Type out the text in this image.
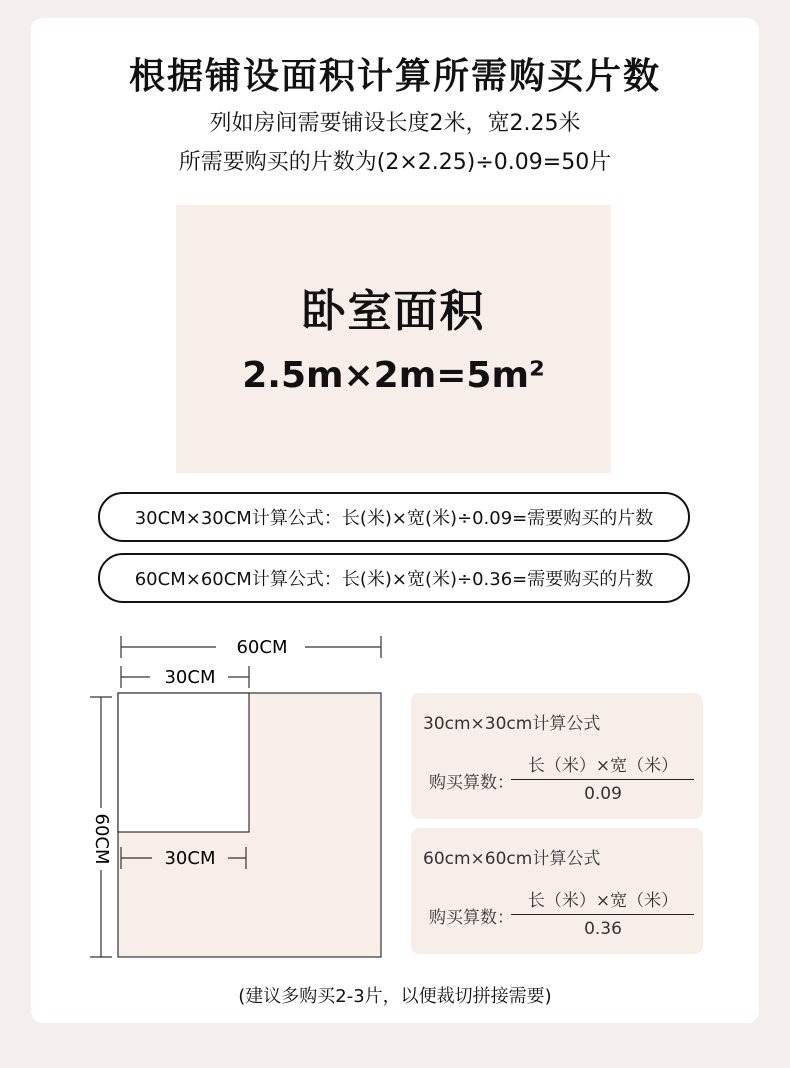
根据铺设面积计算所需购买片数
列如房间需要铺设长度2米，宽2.25米
所需要购买的片数为(2×2.25)÷0.09=50片
卧室面积
2.5m×2m=5m²
30CM×30CM计算公式：长(米)×宽(米)÷0.09=需要购买的片数
60CM×60CM计算公式：长(米)×宽(米)÷0.36=需要购买的片数
60CM
30CM
60CM	30CM
30cm×30cm计算公式
购买算数：
长（米）×宽（米）
0.09
60cm×60cm计算公式
购买算数：
长（米）×宽（米）
0.36
(建议多购买2-3片，以便裁切拼接需要)
